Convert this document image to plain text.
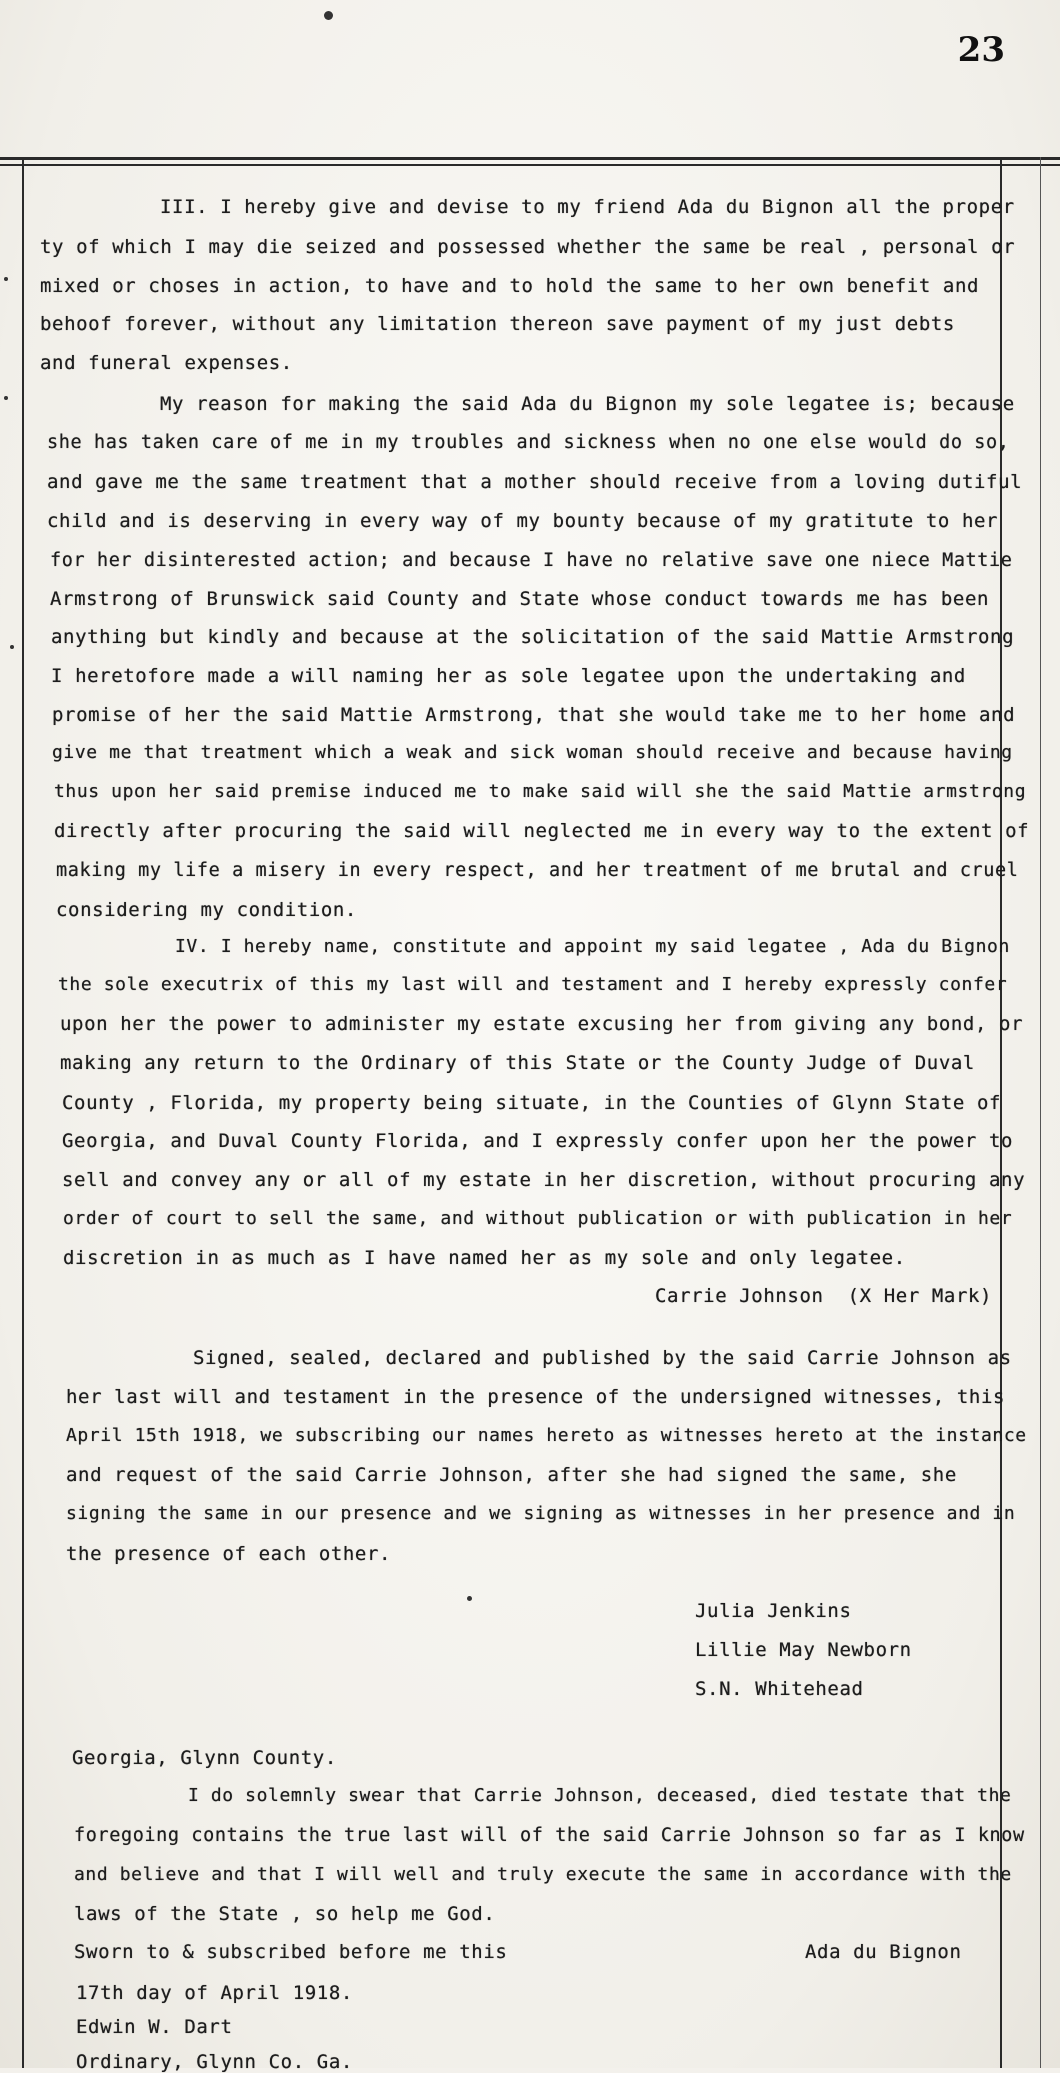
23
III. I hereby give and devise to my friend Ada du Bignon all the proper
ty of which I may die seized and possessed whether the same be real , personal or
mixed or choses in action, to have and to hold the same to her own benefit and
behoof forever, without any limitation thereon save payment of my just debts
and funeral expenses.
My reason for making the said Ada du Bignon my sole legatee is; because
she has taken care of me in my troubles and sickness when no one else would do so,
and gave me the same treatment that a mother should receive from a loving dutiful
child and is deserving in every way of my bounty because of my gratitute to her
for her disinterested action; and because I have no relative save one niece Mattie
Armstrong of Brunswick said County and State whose conduct towards me has been
anything but kindly and because at the solicitation of the said Mattie Armstrong
I heretofore made a will naming her as sole legatee upon the undertaking and
promise of her the said Mattie Armstrong, that she would take me to her home and
give me that treatment which a weak and sick woman should receive and because having
thus upon her said premise induced me to make said will she the said Mattie armstrong
directly after procuring the said will neglected me in every way to the extent of
making my life a misery in every respect, and her treatment of me brutal and cruel
considering my condition.
IV. I hereby name, constitute and appoint my said legatee , Ada du Bignon
the sole executrix of this my last will and testament and I hereby expressly confer
upon her the power to administer my estate excusing her from giving any bond, or
making any return to the Ordinary of this State or the County Judge of Duval
County , Florida, my property being situate, in the Counties of Glynn State of
Georgia, and Duval County Florida, and I expressly confer upon her the power to
sell and convey any or all of my estate in her discretion, without procuring any
order of court to sell the same, and without publication or with publication in her
discretion in as much as I have named her as my sole and only legatee.
Carrie Johnson  (X Her Mark)
Signed, sealed, declared and published by the said Carrie Johnson as
her last will and testament in the presence of the undersigned witnesses, this
April 15th 1918, we subscribing our names hereto as witnesses hereto at the instance
and request of the said Carrie Johnson, after she had signed the same, she
signing the same in our presence and we signing as witnesses in her presence and in
the presence of each other.
Julia Jenkins
Lillie May Newborn
S.N. Whitehead
Georgia, Glynn County.
I do solemnly swear that Carrie Johnson, deceased, died testate that the
foregoing contains the true last will of the said Carrie Johnson so far as I know
and believe and that I will well and truly execute the same in accordance with the
laws of the State , so help me God.
Sworn to & subscribed before me this	Ada du Bignon
17th day of April 1918.
Edwin W. Dart
Ordinary, Glynn Co. Ga.
